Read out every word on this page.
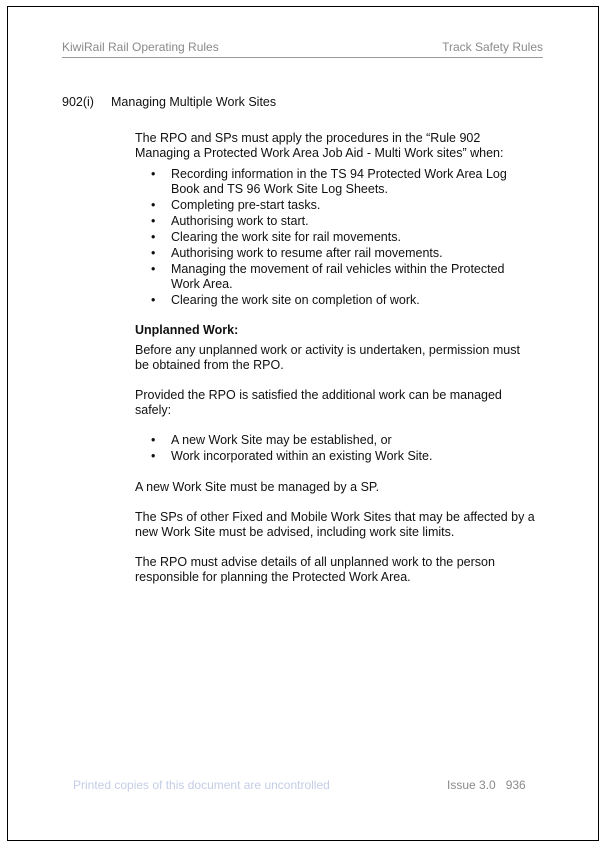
KiwiRail Rail Operating Rules	Track Safety Rules
902(i) Managing Multiple Work Sites

The RPO and SPs must apply the procedures in the “Rule 902 Managing a Protected Work Area Job Aid - Multi Work sites” when:

• Recording information in the TS 94 Protected Work Area Log Book and TS 96 Work Site Log Sheets.
• Completing pre-start tasks.
• Authorising work to start.
• Clearing the work site for rail movements.
• Authorising work to resume after rail movements.
• Managing the movement of rail vehicles within the Protected Work Area.
• Clearing the work site on completion of work.

Unplanned Work:

Before any unplanned work or activity is undertaken, permission must be obtained from the RPO.

Provided the RPO is satisfied the additional work can be managed safely:

• A new Work Site may be established, or
• Work incorporated within an existing Work Site.

A new Work Site must be managed by a SP.

The SPs of other Fixed and Mobile Work Sites that may be affected by a new Work Site must be advised, including work site limits.

The RPO must advise details of all unplanned work to the person responsible for planning the Protected Work Area.

Printed copies of this document are uncontrolled	Issue 3.0 936
